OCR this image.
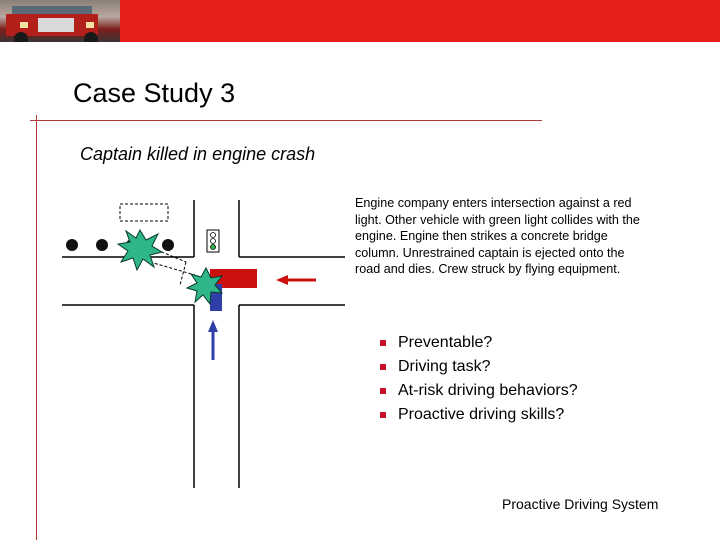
Case Study 3
Captain killed in engine crash
Engine company enters intersection against a red light. Other vehicle with green light collides with the engine. Engine then strikes a concrete bridge column. Unrestrained captain is ejected onto the road and dies. Crew struck by flying equipment.
Preventable?
Driving task?
At-risk driving behaviors?
Proactive driving skills?
Proactive Driving System
